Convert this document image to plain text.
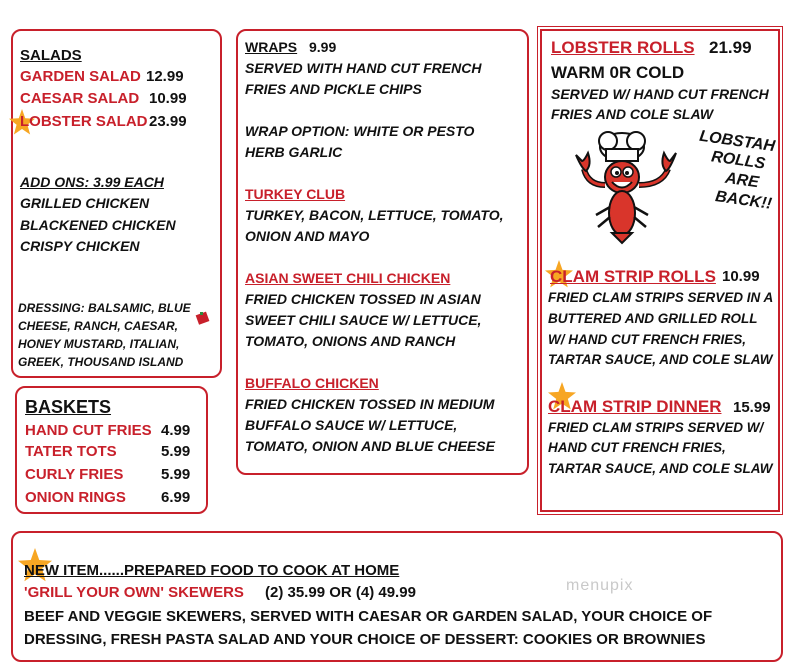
SALADS
GARDEN SALAD 12.99
CAESAR SALAD 10.99
LOBSTER SALAD 23.99
ADD ONS: 3.99 EACH
GRILLED CHICKEN
BLACKENED CHICKEN
CRISPY CHICKEN
DRESSING: BALSAMIC, BLUE
CHEESE, RANCH, CAESAR,
HONEY MUSTARD, ITALIAN,
GREEK, THOUSAND ISLAND
BASKETS
HAND CUT FRIES 4.99
TATER TOTS	5.99
CURLY FRIES	5.99
ONION RINGS 6.99
WRAPS 9.99
SERVED WITH HAND CUT FRENCH
FRIES AND PICKLE CHIPS
WRAP OPTION: WHITE OR PESTO
HERB GARLIC
TURKEY CLUB
TURKEY, BACON, LETTUCE, TOMATO,
ONION AND MAYO
ASIAN SWEET CHILI CHICKEN
FRIED CHICKEN TOSSED IN ASIAN
SWEET CHILI SAUCE W/ LETTUCE,
TOMATO, ONIONS AND RANCH
BUFFALO CHICKEN
FRIED CHICKEN TOSSED IN MEDIUM
BUFFALO SAUCE W/ LETTUCE,
TOMATO, ONION AND BLUE CHEESE
LOBSTER ROLLS 21.99
WARM 0R COLD
SERVED W/ HAND CUT FRENCH
FRIES AND COLE SLAW
LOBSTAH
ROLLS
ARE
BACK!!
CLAM STRIP ROLLS 10.99
FRIED CLAM STRIPS SERVED IN A
BUTTERED AND GRILLED ROLL
W/ HAND CUT FRENCH FRIES,
TARTAR SAUCE, AND COLE SLAW
CLAM STRIP DINNER 15.99
FRIED CLAM STRIPS SERVED W/
HAND CUT FRENCH FRIES,
TARTAR SAUCE, AND COLE SLAW
NEW ITEM......PREPARED FOOD TO COOK AT HOME
'GRILL YOUR OWN' SKEWERS (2) 35.99 OR (4) 49.99
BEEF AND VEGGIE SKEWERS, SERVED WITH CAESAR OR GARDEN SALAD, YOUR CHOICE OF
DRESSING, FRESH PASTA SALAD AND YOUR CHOICE OF DESSERT: COOKIES OR BROWNIES
menupix
